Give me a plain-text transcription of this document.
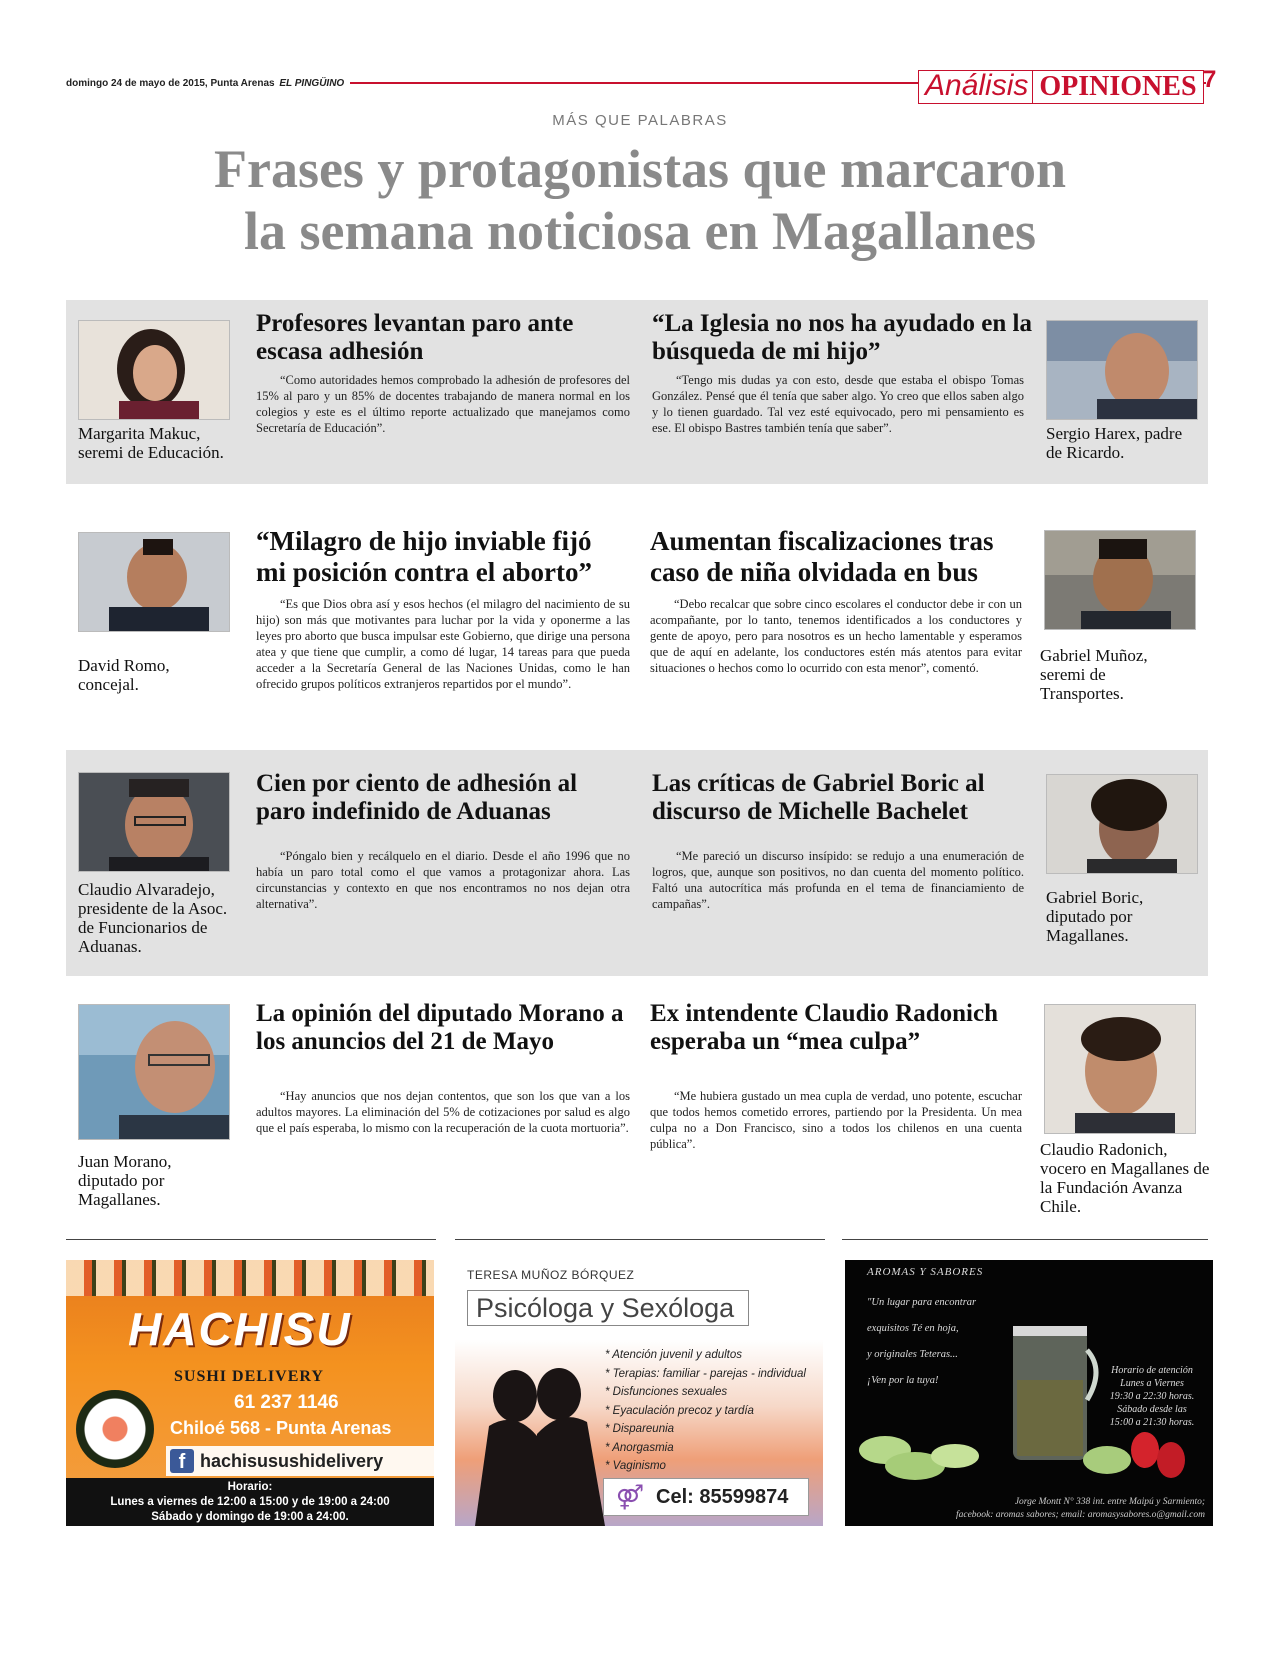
domingo 24 de mayo de 2015, Punta Arenas EL PINGÜINO	Análisis OPINIONES 7
MÁS QUE PALABRAS
Frases y protagonistas que marcaron
la semana noticiosa en Magallanes
Margarita Makuc, seremi de Educación.
Profesores levantan paro ante escasa adhesión
“Como autoridades hemos comprobado la adhesión de profesores del 15% al paro y un 85% de docentes trabajando de manera normal en los colegios y este es el último reporte actualizado que manejamos como Secretaría de Educación”.
“La Iglesia no nos ha ayudado en la búsqueda de mi hijo”
“Tengo mis dudas ya con esto, desde que estaba el obispo Tomas González. Pensé que él tenía que saber algo. Yo creo que ellos saben algo y lo tienen guardado. Tal vez esté equivocado, pero mi pensamiento es ese. El obispo Bastres también tenía que saber”.	Sergio Harex, padre de Ricardo.
David Romo, concejal.
“Milagro de hijo inviable fijó mi posición contra el aborto”
“Es que Dios obra así y esos hechos (el milagro del nacimiento de su hijo) son más que motivantes para luchar por la vida y oponerme a las leyes pro aborto que busca impulsar este Gobierno, que dirige una persona atea y que tiene que cumplir, a como dé lugar, 14 tareas para que pueda acceder a la Secretaría General de las Naciones Unidas, como le han ofrecido grupos políticos extranjeros repartidos por el mundo”.
Aumentan fiscalizaciones tras caso de niña olvidada en bus
“Debo recalcar que sobre cinco escolares el conductor debe ir con un acompañante, por lo tanto, tenemos identificados a los conductores y gente de apoyo, pero para nosotros es un hecho lamentable y esperamos que de aquí en adelante, los conductores estén más atentos para evitar situaciones o hechos como lo ocurrido con esta menor”, comentó.
Gabriel Muñoz, seremi de Transportes.
Claudio Alvaradejo, presidente de la Asoc. de Funcionarios de Aduanas.
Cien por ciento de adhesión al paro indefinido de Aduanas
“Póngalo bien y recálquelo en el diario. Desde el año 1996 que no había un paro total como el que vamos a protagonizar ahora. Las circunstancias y contexto en que nos encontramos no nos dejan otra alternativa”.
Las críticas de Gabriel Boric al discurso de Michelle Bachelet
“Me pareció un discurso insípido: se redujo a una enumeración de logros, que, aunque son positivos, no dan cuenta del momento político. Faltó una autocrítica más profunda en el tema de financiamiento de campañas”.	Gabriel Boric, diputado por Magallanes.
Juan Morano, diputado por Magallanes.
La opinión del diputado Morano a los anuncios del 21 de Mayo
“Hay anuncios que nos dejan contentos, que son los que van a los adultos mayores. La eliminación del 5% de cotizaciones por salud es algo que el país esperaba, lo mismo con la recuperación de la cuota mortuoria”.
Ex intendente Claudio Radonich esperaba un “mea culpa”
“Me hubiera gustado un mea cupla de verdad, uno potente, escuchar que todos hemos cometido errores, partiendo por la Presidenta. Un mea culpa no a Don Francisco, sino a todos los chilenos en una cuenta pública”.	Claudio Radonich, vocero en Magallanes de la Fundación Avanza Chile.
HACHISU
SUSHI DELIVERY
61 237 1146
Chiloé 568 - Punta Arenas
f hachisusushidelivery
Horario:
Lunes a viernes de 12:00 a 15:00 y de 19:00 a 24:00
Sábado y domingo de 19:00 a 24:00.
TERESA MUÑOZ BÓRQUEZ
Psicóloga y Sexóloga
* Atención juvenil y adultos
* Terapias: familiar - parejas - individual
* Disfunciones sexuales
* Eyaculación precoz y tardía
* Dispareunia
* Anorgasmia
* Vaginismo
⚤ Cel: 85599874
AROMAS Y SABORES
"Un lugar para encontrar
exquisitos Té en hoja,
y originales Teteras...
¡Ven por la tuya!
Horario de atención
Lunes a Viernes
19:30 a 22:30 horas.
Sábado desde las
15:00 a 21:30 horas.
Jorge Montt N° 338 int. entre Maipú y Sarmiento;
facebook: aromas sabores; email: aromasysabores.o@gmail.com
